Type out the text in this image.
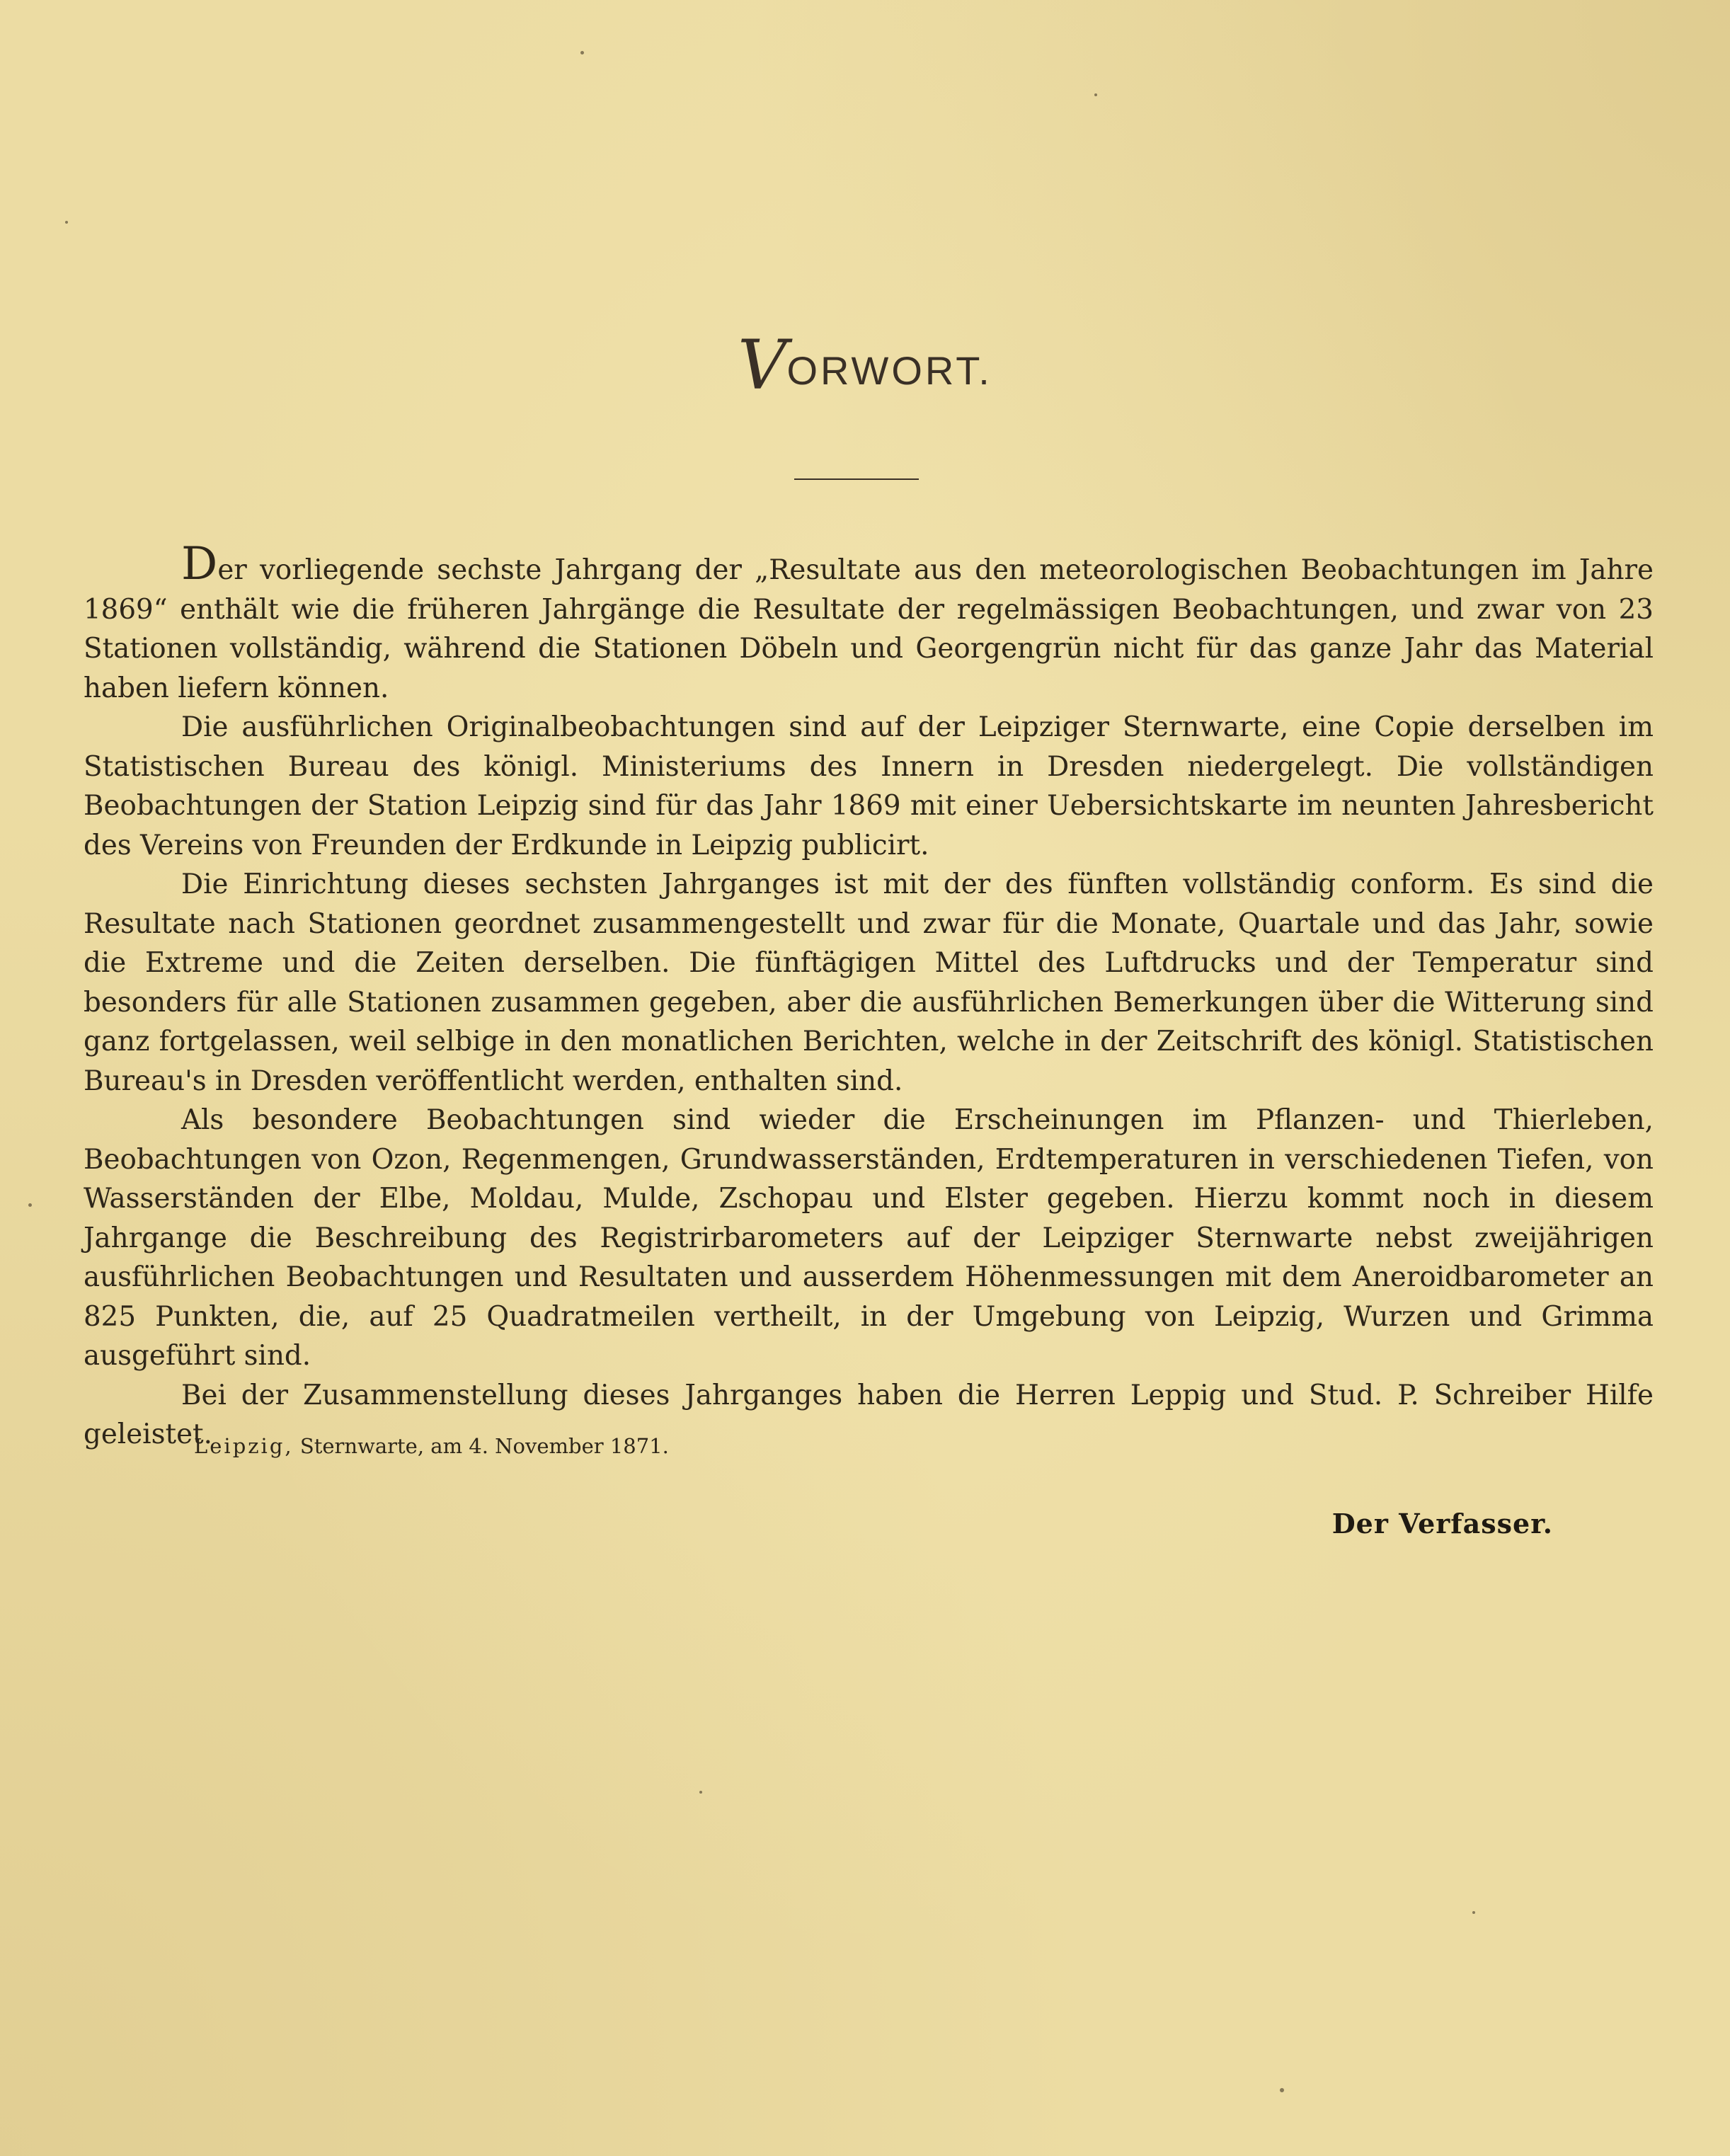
VORWORT.

Der vorliegende sechste Jahrgang der „Resultate aus den meteorologischen Beobachtungen im Jahre 1869“ enthält wie die früheren Jahrgänge die Resultate der regelmässigen Beobachtungen, und zwar von 23 Stationen vollständig, während die Stationen Döbeln und Georgengrün nicht für das ganze Jahr das Material haben liefern können.

Die ausführlichen Originalbeobachtungen sind auf der Leipziger Sternwarte, eine Copie derselben im Statistischen Bureau des königl. Ministeriums des Innern in Dresden niedergelegt. Die vollständigen Beobachtungen der Station Leipzig sind für das Jahr 1869 mit einer Uebersichtskarte im neunten Jahresbericht des Vereins von Freunden der Erdkunde in Leipzig publicirt.

Die Einrichtung dieses sechsten Jahrganges ist mit der des fünften vollständig conform. Es sind die Resultate nach Stationen geordnet zusammengestellt und zwar für die Monate, Quartale und das Jahr, sowie die Extreme und die Zeiten derselben. Die fünftägigen Mittel des Luftdrucks und der Temperatur sind besonders für alle Stationen zusammen gegeben, aber die ausführlichen Bemerkungen über die Witterung sind ganz fortgelassen, weil selbige in den monatlichen Berichten, welche in der Zeitschrift des königl. Statistischen Bureau's in Dresden veröffentlicht werden, enthalten sind.

Als besondere Beobachtungen sind wieder die Erscheinungen im Pflanzen- und Thierleben, Beobachtungen von Ozon, Regenmengen, Grundwasserständen, Erdtemperaturen in verschiedenen Tiefen, von Wasserständen der Elbe, Moldau, Mulde, Zschopau und Elster gegeben. Hierzu kommt noch in diesem Jahrgange die Beschreibung des Registrirbarometers auf der Leipziger Sternwarte nebst zweijährigen ausführlichen Beobachtungen und Resultaten und ausserdem Höhenmessungen mit dem Aneroidbarometer an 825 Punkten, die, auf 25 Quadratmeilen vertheilt, in der Umgebung von Leipzig, Wurzen und Grimma ausgeführt sind.

Bei der Zusammenstellung dieses Jahrganges haben die Herren Leppig und Stud. P. Schreiber Hilfe geleistet.

Leipzig, Sternwarte, am 4. November 1871.

Der Verfasser.
